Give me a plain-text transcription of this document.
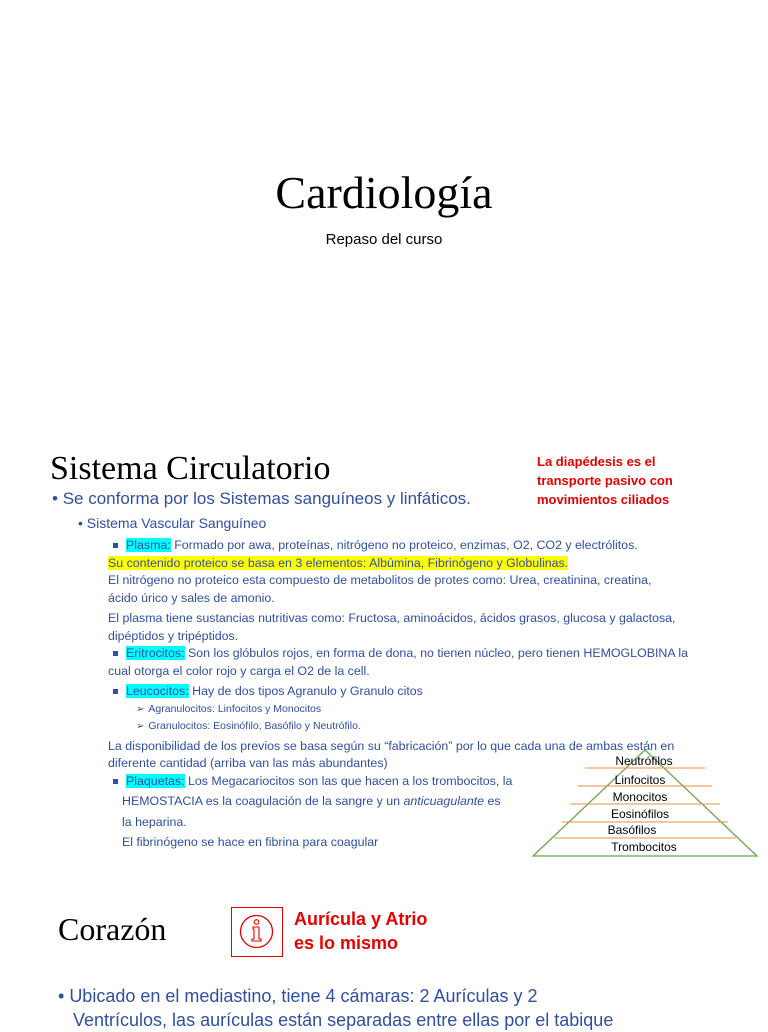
Cardiología
Repaso del curso
Sistema Circulatorio	La diapédesis es el
transporte pasivo con
movimientos ciliados
• Se conforma por los Sistemas sanguíneos y linfáticos.
• Sistema Vascular Sanguíneo
Plasma: Formado por awa, proteínas, nitrógeno no proteico, enzimas, O2, CO2 y electrólitos.
Su contenido proteico se basa en 3 elementos: Albúmina, Fibrinógeno y Globulinas.
El nitrógeno no proteico esta compuesto de metabolitos de protes como: Urea, creatinina, creatina,
ácido úrico y sales de amonio.
El plasma tiene sustancias nutritivas como: Fructosa, aminoácidos, ácidos grasos, glucosa y galactosa,
dipéptidos y tripéptidos.
Eritrocitos: Son los glóbulos rojos, en forma de dona, no tienen núcleo, pero tienen HEMOGLOBINA la
cual otorga el color rojo y carga el O2 de la cell.
Leucocitos: Hay de dos tipos Agranulo y Granulo citos
➢ Agranulocitos: Linfocitos y Monocitos
➢ Granulocitos: Eosinófilo, Basófilo y Neutrófilo.
La disponibilidad de los previos se basa según su “fabricación” por lo que cada una de ambas están en
diferente cantidad (arriba van las más abundantes)
Plaquetas: Los Megacariocitos son las que hacen a los trombocitos, la
HEMOSTACIA es la coagulación de la sangre y un anticuagulante es
la heparina.
El fibrinógeno se hace en fibrina para coagular
Neutrófilos
Linfocitos
Monocitos
Eosinófilos
Basófilos
Trombocitos
Corazón	Aurícula y Atrio
es lo mismo
• Ubicado en el mediastino, tiene 4 cámaras: 2 Aurículas y 2
Ventrículos, las aurículas están separadas entre ellas por el tabique
